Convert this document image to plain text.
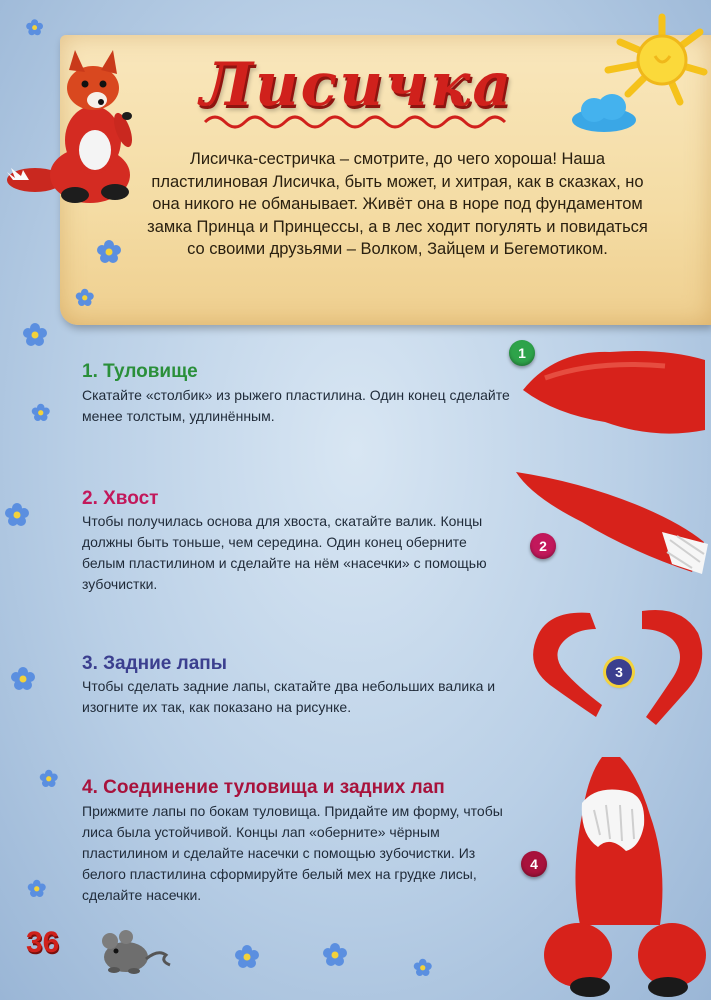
Лисичка
Лисичка-сестричка – смотрите, до чего хороша! Наша пластилиновая Лисичка, быть может, и хитрая, как в сказках, но она никого не обманывает. Живёт она в норе под фундаментом замка Принца и Принцессы, а в лес ходит погулять и повидаться со своими друзьями – Волком, Зайцем и Бегемотиком.
1. Туловище
Скатайте «столбик» из рыжего пластилина. Один конец сделайте менее толстым, удлинённым.
1
2. Хвост
Чтобы получилась основа для хвоста, скатайте валик. Концы должны быть тоньше, чем середина. Один конец оберните белым пластилином и сделайте на нём «насечки» с помощью зубочистки.
2
3. Задние лапы
Чтобы сделать задние лапы, скатайте два небольших валика и изогните их так, как показано на рисунке.
3
4. Соединение туловища и задних лап
Прижмите лапы по бокам туловища. Придайте им форму, чтобы лиса была устойчивой. Концы лап «оберните» чёрным пластилином и сделайте насечки с помощью зубочистки. Из белого пластилина сформируйте белый мех на грудке лисы, сделайте насечки.
4
36
